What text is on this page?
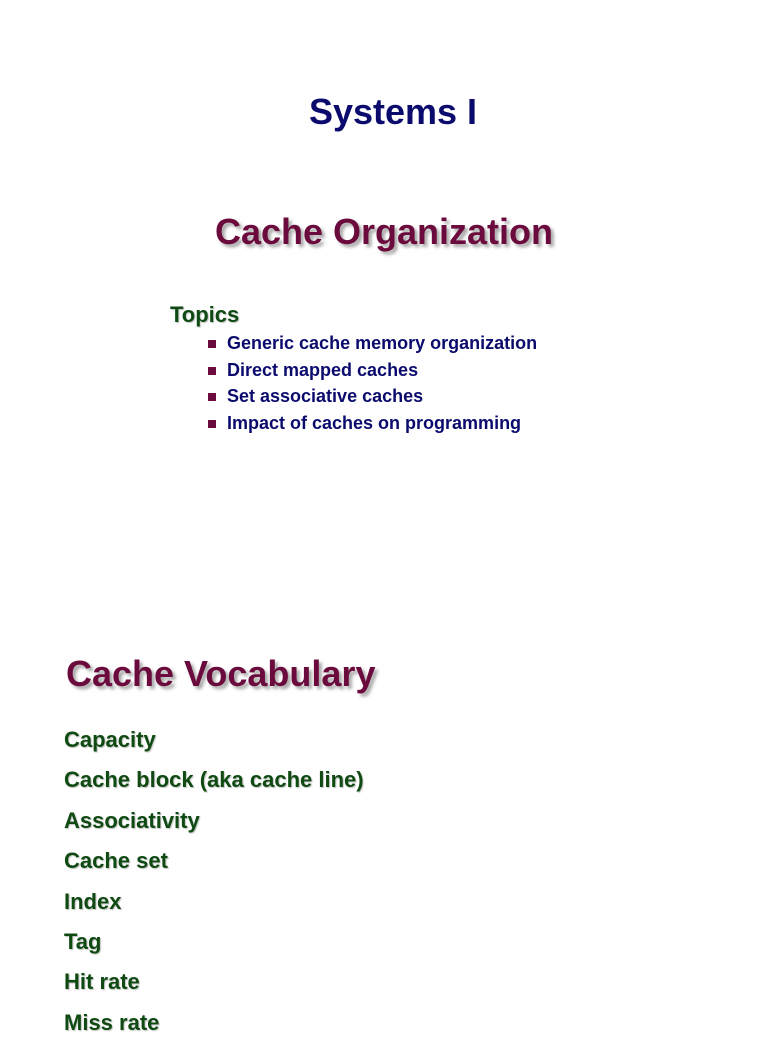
Systems I
Cache Organization
Topics
Generic cache memory organization
Direct mapped caches
Set associative caches
Impact of caches on programming
Cache Vocabulary
Capacity
Cache block (aka cache line)
Associativity
Cache set
Index
Tag
Hit rate
Miss rate
